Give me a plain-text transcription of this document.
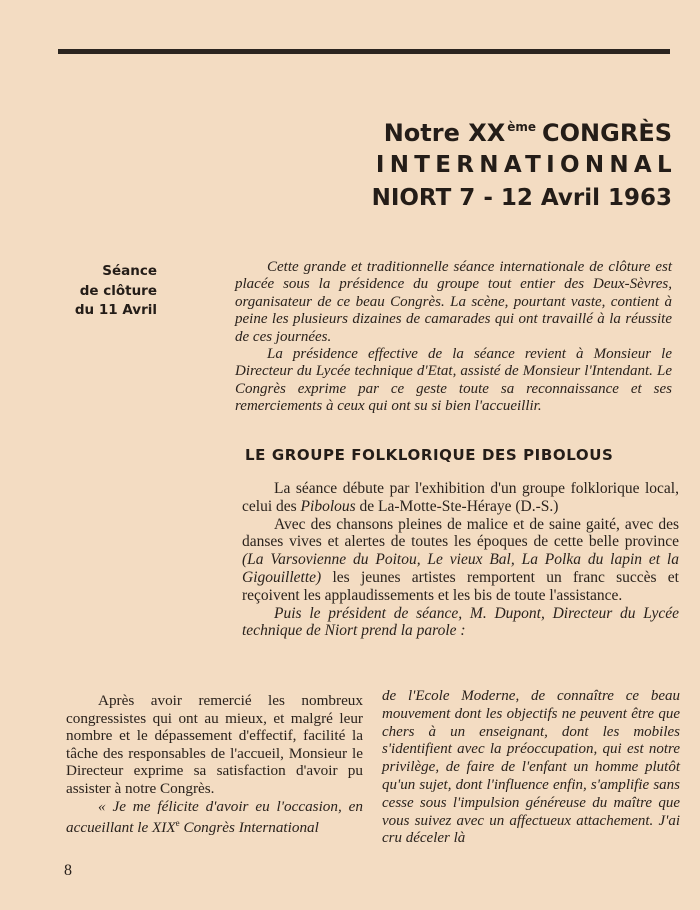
Notre XX $^{ème}$ CONGRÈS
INTERNATIONNAL
NIORT 7 - 12 Avril 1963
Séance
de clôture
du 11 Avril

Cette grande et traditionnelle séance internationale de clôture est placée sous la présidence du groupe tout entier des Deux-Sèvres, organisateur de ce beau Congrès. La scène, pourtant vaste, contient à peine les plusieurs dizaines de camarades qui ont travaillé à la réussite de ces journées.

La présidence effective de la séance revient à Monsieur le Directeur du Lycée technique d'Etat, assisté de Monsieur l'Intendant. Le Congrès exprime par ce geste toute sa reconnaissance et ses remerciements à ceux qui ont su si bien l'accueillir.

LE GROUPE FOLKLORIQUE DES PIBOLOUS

La séance débute par l'exhibition d'un groupe folklorique local, celui des Pibolous de La-Motte-Ste-Héraye (D.-S.)

Avec des chansons pleines de malice et de saine gaité, avec des danses vives et alertes de toutes les époques de cette belle province (La Varsovienne du Poitou, Le vieux Bal, La Polka du lapin et la Gigouillette) les jeunes artistes remportent un franc succès et reçoivent les applaudissements et les bis de toute l'assistance.

Puis le président de séance, M. Dupont, Directeur du Lycée technique de Niort prend la parole :

Après avoir remercié les nombreux congressistes qui ont au mieux, et malgré leur nombre et le dépassement d'effectif, facilité la tâche des responsables de l'accueil, Monsieur le Directeur exprime sa satisfaction d'avoir pu assister à notre Congrès.

« Je me félicite d'avoir eu l'occasion, en accueillant le XIXe Congrès International

de l'Ecole Moderne, de connaître ce beau mouvement dont les objectifs ne peuvent être que chers à un enseignant, dont les mobiles s'identifient avec la préoccupation, qui est notre privilège, de faire de l'enfant un homme plutôt qu'un sujet, dont l'influence enfin, s'amplifie sans cesse sous l'impulsion généreuse du maître que vous suivez avec un affectueux attachement. J'ai cru déceler là

8
